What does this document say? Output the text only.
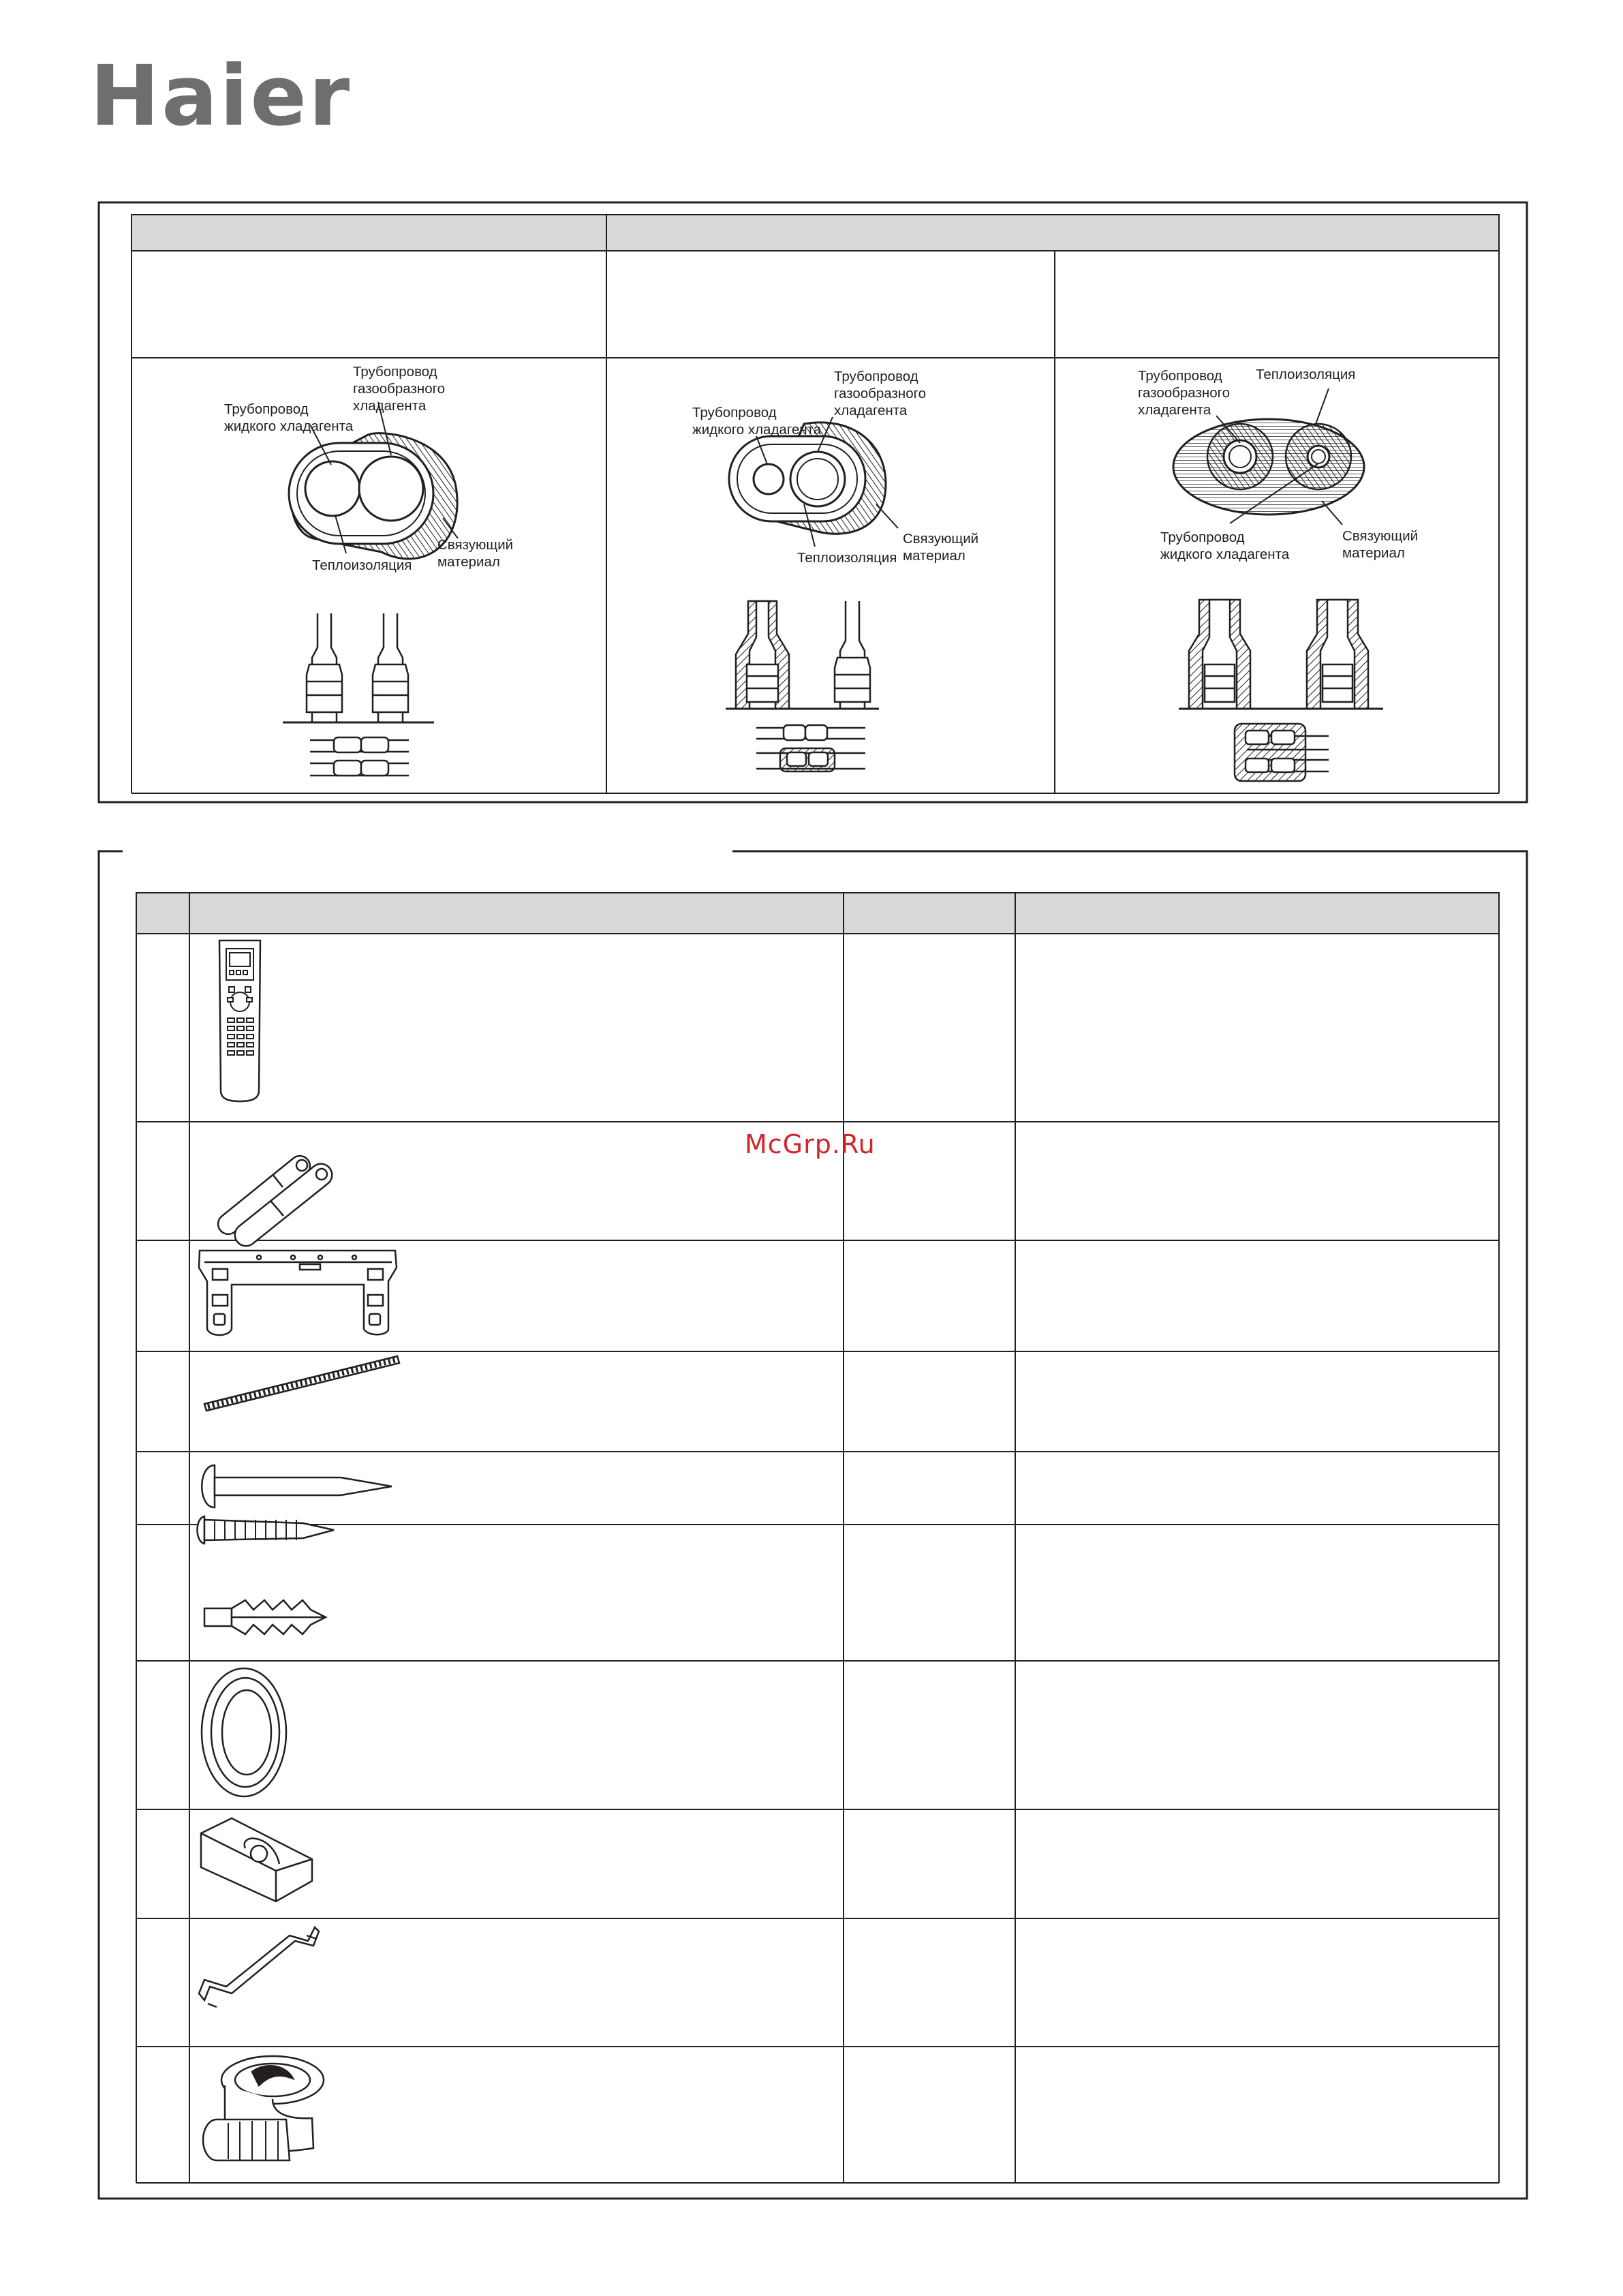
Haier
Трубопровод
жидкого хладагента
Трубопровод
газообразного
хладагента
Теплоизоляция
Связующий
материал
Трубопровод
жидкого хладагента
Трубопровод
газообразного
хладагента
Теплоизоляция
Связующий
материал
Трубопровод
газообразного
хладагента
Теплоизоляция
Трубопровод
жидкого хладагента
Связующий
материал
McGrp.Ru
